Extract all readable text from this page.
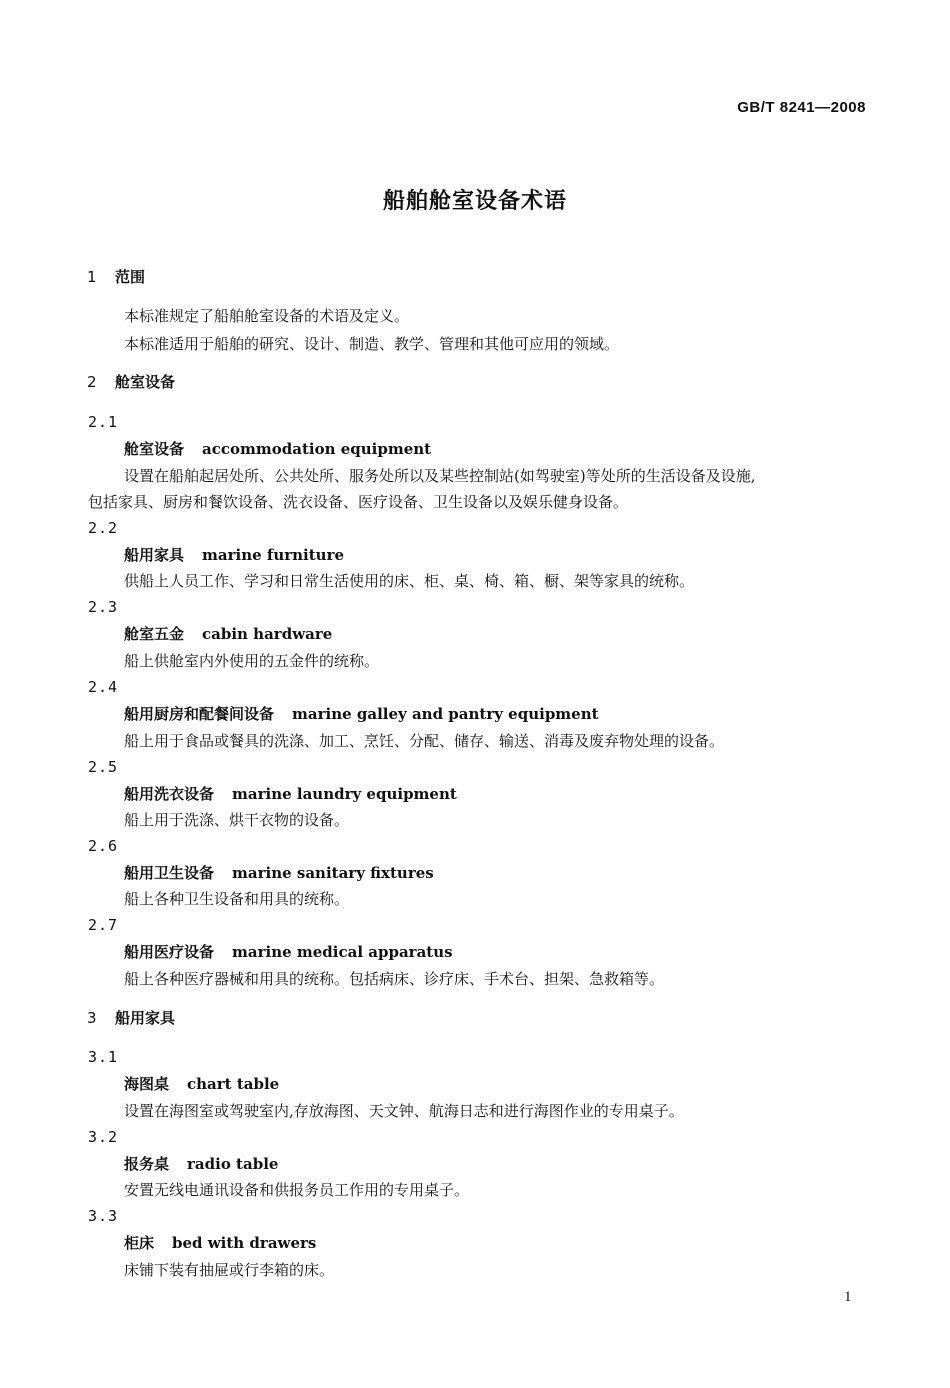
GB/T 8241—2008
船舶舱室设备术语
1 范围
本标准规定了船舶舱室设备的术语及定义。
本标准适用于船舶的研究、设计、制造、教学、管理和其他可应用的领域。
2 舱室设备
2.1
舱室设备 accommodation equipment
设置在船舶起居处所、公共处所、服务处所以及某些控制站(如驾驶室)等处所的生活设备及设施,
包括家具、厨房和餐饮设备、洗衣设备、医疗设备、卫生设备以及娱乐健身设备。
2.2
船用家具 marine furniture
供船上人员工作、学习和日常生活使用的床、柜、桌、椅、箱、橱、架等家具的统称。
2.3
舱室五金 cabin hardware
船上供舱室内外使用的五金件的统称。
2.4
船用厨房和配餐间设备 marine galley and pantry equipment
船上用于食品或餐具的洗涤、加工、烹饪、分配、储存、输送、消毒及废弃物处理的设备。
2.5
船用洗衣设备 marine laundry equipment
船上用于洗涤、烘干衣物的设备。
2.6
船用卫生设备 marine sanitary fixtures
船上各种卫生设备和用具的统称。
2.7
船用医疗设备 marine medical apparatus
船上各种医疗器械和用具的统称。包括病床、诊疗床、手术台、担架、急救箱等。
3 船用家具
3.1
海图桌 chart table
设置在海图室或驾驶室内,存放海图、天文钟、航海日志和进行海图作业的专用桌子。
3.2
报务桌 radio table
安置无线电通讯设备和供报务员工作用的专用桌子。
3.3
柜床 bed with drawers
床铺下装有抽屉或行李箱的床。
1
